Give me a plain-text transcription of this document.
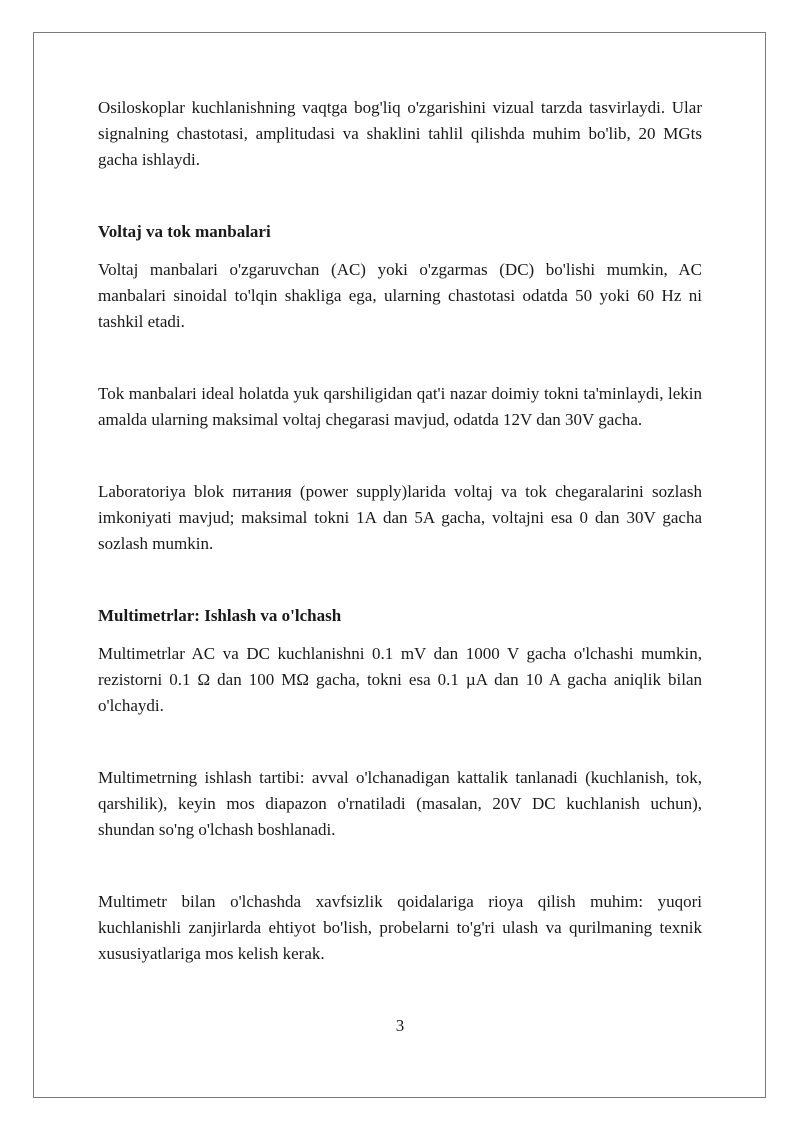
Osiloskoplar kuchlanishning vaqtga bog'liq o'zgarishini vizual tarzda tasvirlaydi. Ular signalning chastotasi, amplitudasi va shaklini tahlil qilishda muhim bo'lib, 20 MGts gacha ishlaydi.

Voltaj va tok manbalari

Voltaj manbalari o'zgaruvchan (AC) yoki o'zgarmas (DC) bo'lishi mumkin, AC manbalari sinoidal to'lqin shakliga ega, ularning chastotasi odatda 50 yoki 60 Hz ni tashkil etadi.

Tok manbalari ideal holatda yuk qarshiligidan qat'i nazar doimiy tokni ta'minlaydi, lekin amalda ularning maksimal voltaj chegarasi mavjud, odatda 12V dan 30V gacha.

Laboratoriya blok питания (power supply)larida voltaj va tok chegaralarini sozlash imkoniyati mavjud; maksimal tokni 1A dan 5A gacha, voltajni esa 0 dan 30V gacha sozlash mumkin.

Multimetrlar: Ishlash va o'lchash

Multimetrlar AC va DC kuchlanishni 0.1 mV dan 1000 V gacha o'lchashi mumkin, rezistorni 0.1 Ω dan 100 MΩ gacha, tokni esa 0.1 µA dan 10 A gacha aniqlik bilan o'lchaydi.

Multimetrning ishlash tartibi: avval o'lchanadigan kattalik tanlanadi (kuchlanish, tok, qarshilik), keyin mos diapazon o'rnatiladi (masalan, 20V DC kuchlanish uchun), shundan so'ng o'lchash boshlanadi.

Multimetr bilan o'lchashda xavfsizlik qoidalariga rioya qilish muhim: yuqori kuchlanishli zanjirlarda ehtiyot bo'lish, probelarni to'g'ri ulash va qurilmaning texnik xususiyatlariga mos kelish kerak.

3
